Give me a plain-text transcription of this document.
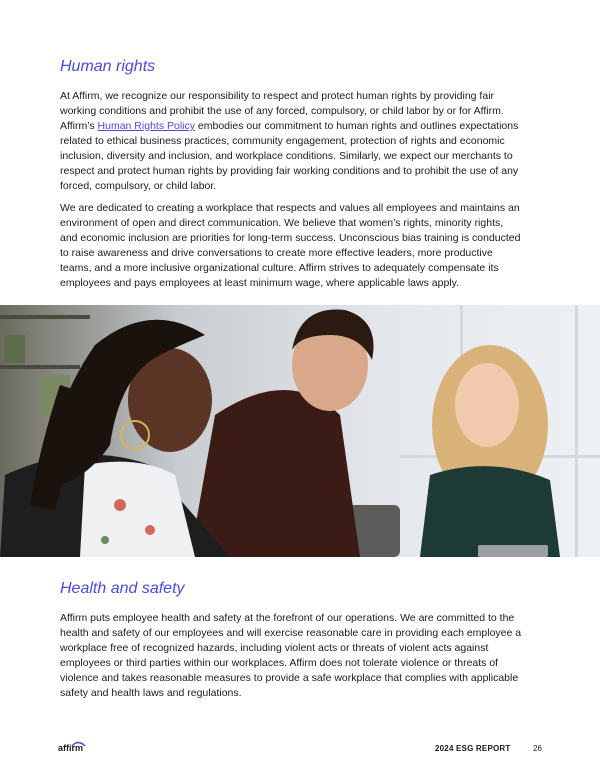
Human rights

At Affirm, we recognize our responsibility to respect and protect human rights by providing fair working conditions and prohibit the use of any forced, compulsory, or child labor by or for Affirm. Affirm’s Human Rights Policy embodies our commitment to human rights and outlines expectations related to ethical business practices, community engagement, protection of rights and economic inclusion, diversity and inclusion, and workplace conditions. Similarly, we expect our merchants to respect and protect human rights by providing fair working conditions and to prohibit the use of any forced, compulsory, or child labor.

We are dedicated to creating a workplace that respects and values all employees and maintains an environment of open and direct communication. We believe that women’s rights, minority rights, and economic inclusion are priorities for long-term success. Unconscious bias training is conducted to raise awareness and drive conversations to create more effective leaders, more productive teams, and a more inclusive organizational culture. Affirm strives to adequately compensate its employees and pays employees at least minimum wage, where applicable laws apply.

Health and safety

Affirm puts employee health and safety at the forefront of our operations. We are committed to the health and safety of our employees and will exercise reasonable care in providing each employee a workplace free of recognized hazards, including violent acts or threats of violent acts against employees or third parties within our workplaces. Affirm does not tolerate violence or threats of violence and takes reasonable measures to provide a safe workplace that complies with applicable safety and health laws and regulations.

affirm	2024 ESG REPORT	26
